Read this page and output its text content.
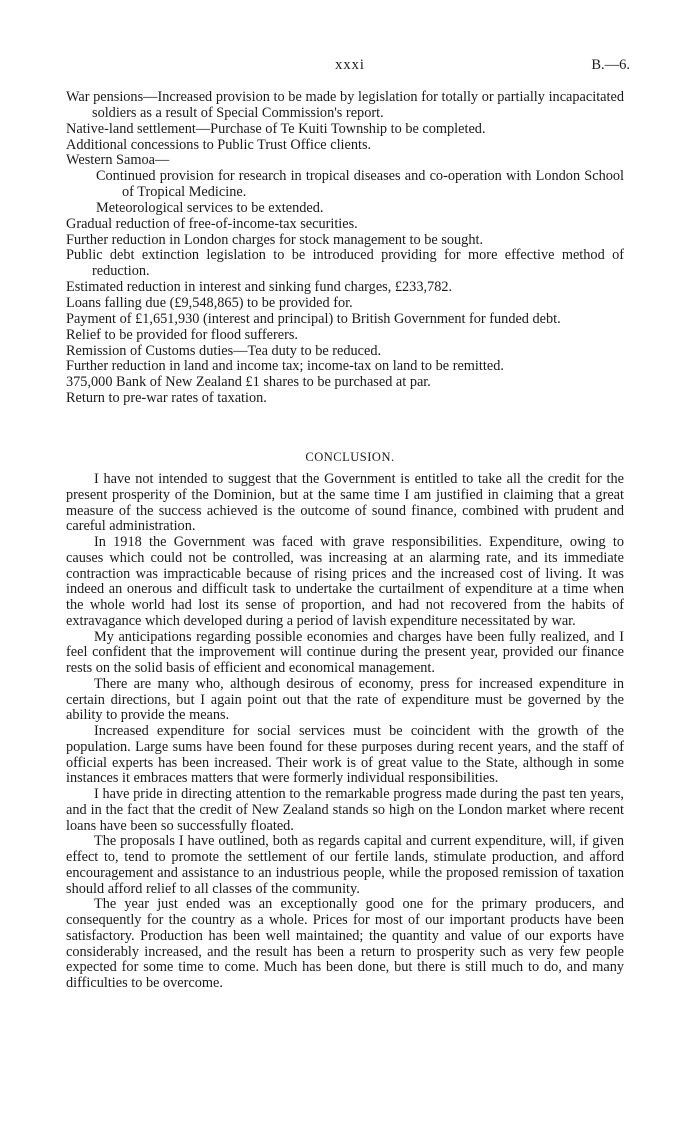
xxxi	B.—6.

War pensions—Increased provision to be made by legislation for totally or partially incapacitated soldiers as a result of Special Commission's report.

Native-land settlement—Purchase of Te Kuiti Township to be completed.

Additional concessions to Public Trust Office clients.

Western Samoa—

Continued provision for research in tropical diseases and co-operation with London School of Tropical Medicine.

Meteorological services to be extended.

Gradual reduction of free-of-income-tax securities.

Further reduction in London charges for stock management to be sought.

Public debt extinction legislation to be introduced providing for more effective method of reduction.

Estimated reduction in interest and sinking fund charges, £233,782.

Loans falling due (£9,548,865) to be provided for.

Payment of £1,651,930 (interest and principal) to British Government for funded debt.

Relief to be provided for flood sufferers.

Remission of Customs duties—Tea duty to be reduced.

Further reduction in land and income tax; income-tax on land to be remitted.

375,000 Bank of New Zealand £1 shares to be purchased at par.

Return to pre-war rates of taxation.

CONCLUSION.

I have not intended to suggest that the Government is entitled to take all the credit for the present prosperity of the Dominion, but at the same time I am justified in claiming that a great measure of the success achieved is the outcome of sound finance, combined with prudent and careful administration.

In 1918 the Government was faced with grave responsibilities. Expenditure, owing to causes which could not be controlled, was increasing at an alarming rate, and its immediate contraction was impracticable because of rising prices and the increased cost of living. It was indeed an onerous and difficult task to undertake the curtailment of expenditure at a time when the whole world had lost its sense of proportion, and had not recovered from the habits of extravagance which developed during a period of lavish expenditure necessitated by war.

My anticipations regarding possible economies and charges have been fully realized, and I feel confident that the improvement will continue during the present year, provided our finance rests on the solid basis of efficient and economical management.

There are many who, although desirous of economy, press for increased expenditure in certain directions, but I again point out that the rate of expenditure must be governed by the ability to provide the means.

Increased expenditure for social services must be coincident with the growth of the population. Large sums have been found for these purposes during recent years, and the staff of official experts has been increased. Their work is of great value to the State, although in some instances it embraces matters that were formerly individual responsibilities.

I have pride in directing attention to the remarkable progress made during the past ten years, and in the fact that the credit of New Zealand stands so high on the London market where recent loans have been so successfully floated.

The proposals I have outlined, both as regards capital and current expenditure, will, if given effect to, tend to promote the settlement of our fertile lands, stimulate production, and afford encouragement and assistance to an industrious people, while the proposed remission of taxation should afford relief to all classes of the community.

The year just ended was an exceptionally good one for the primary producers, and consequently for the country as a whole. Prices for most of our important products have been satisfactory. Production has been well maintained; the quantity and value of our exports have considerably increased, and the result has been a return to prosperity such as very few people expected for some time to come. Much has been done, but there is still much to do, and many difficulties to be overcome.
